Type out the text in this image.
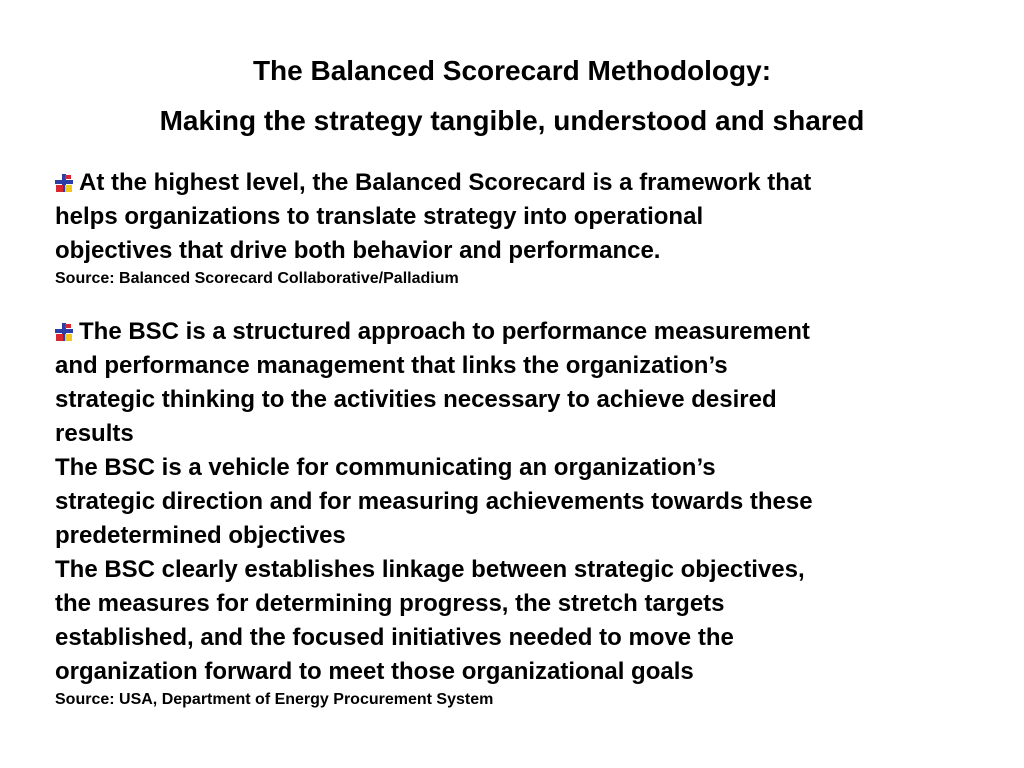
The Balanced Scorecard Methodology:
Making the strategy tangible, understood and shared
At the highest level, the Balanced Scorecard is a framework that
helps organizations to translate strategy into operational
objectives that drive both behavior and performance.
Source: Balanced Scorecard Collaborative/Palladium
The BSC is a structured approach to performance measurement
and performance management that links the organization’s
strategic thinking to the activities necessary to achieve desired
results
The BSC is a vehicle for communicating an organization’s
strategic direction and for measuring achievements towards these
predetermined objectives
The BSC clearly establishes linkage between strategic objectives,
the measures for determining progress, the stretch targets
established, and the focused initiatives needed to move the
organization forward to meet those organizational goals
Source: USA, Department of Energy Procurement System
